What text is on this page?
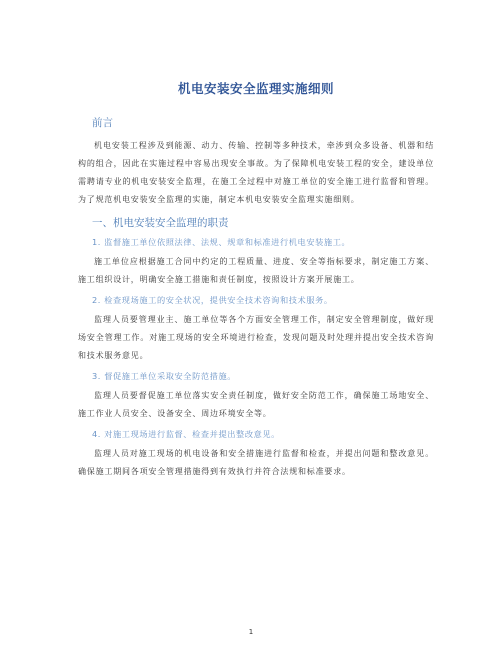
机电安装安全监理实施细则
前言
机电安装工程涉及到能源、动力、传输、控制等多种技术，牵涉到众多设备、机器和结构的组合，因此在实施过程中容易出现安全事故。为了保障机电安装工程的安全，建设单位需聘请专业的机电安装安全监理，在施工全过程中对施工单位的安全施工进行监督和管理。为了规范机电安装安全监理的实施，制定本机电安装安全监理实施细则。
一、机电安装安全监理的职责
1. 监督施工单位依照法律、法规、规章和标准进行机电安装施工。
施工单位应根据施工合同中约定的工程质量、进度、安全等指标要求，制定施工方案、施工组织设计，明确安全施工措施和责任制度，按照设计方案开展施工。
2. 检查现场施工的安全状况，提供安全技术咨询和技术服务。
监理人员要管理业主、施工单位等各个方面安全管理工作，制定安全管理制度，做好现场安全管理工作。对施工现场的安全环境进行检查，发现问题及时处理并提出安全技术咨询和技术服务意见。
3. 督促施工单位采取安全防范措施。
监理人员要督促施工单位落实安全责任制度，做好安全防范工作，确保施工场地安全、施工作业人员安全、设备安全、周边环境安全等。
4. 对施工现场进行监督、检查并提出整改意见。
监理人员对施工现场的机电设备和安全措施进行监督和检查，并提出问题和整改意见。确保施工期间各项安全管理措施得到有效执行并符合法规和标准要求。
1
